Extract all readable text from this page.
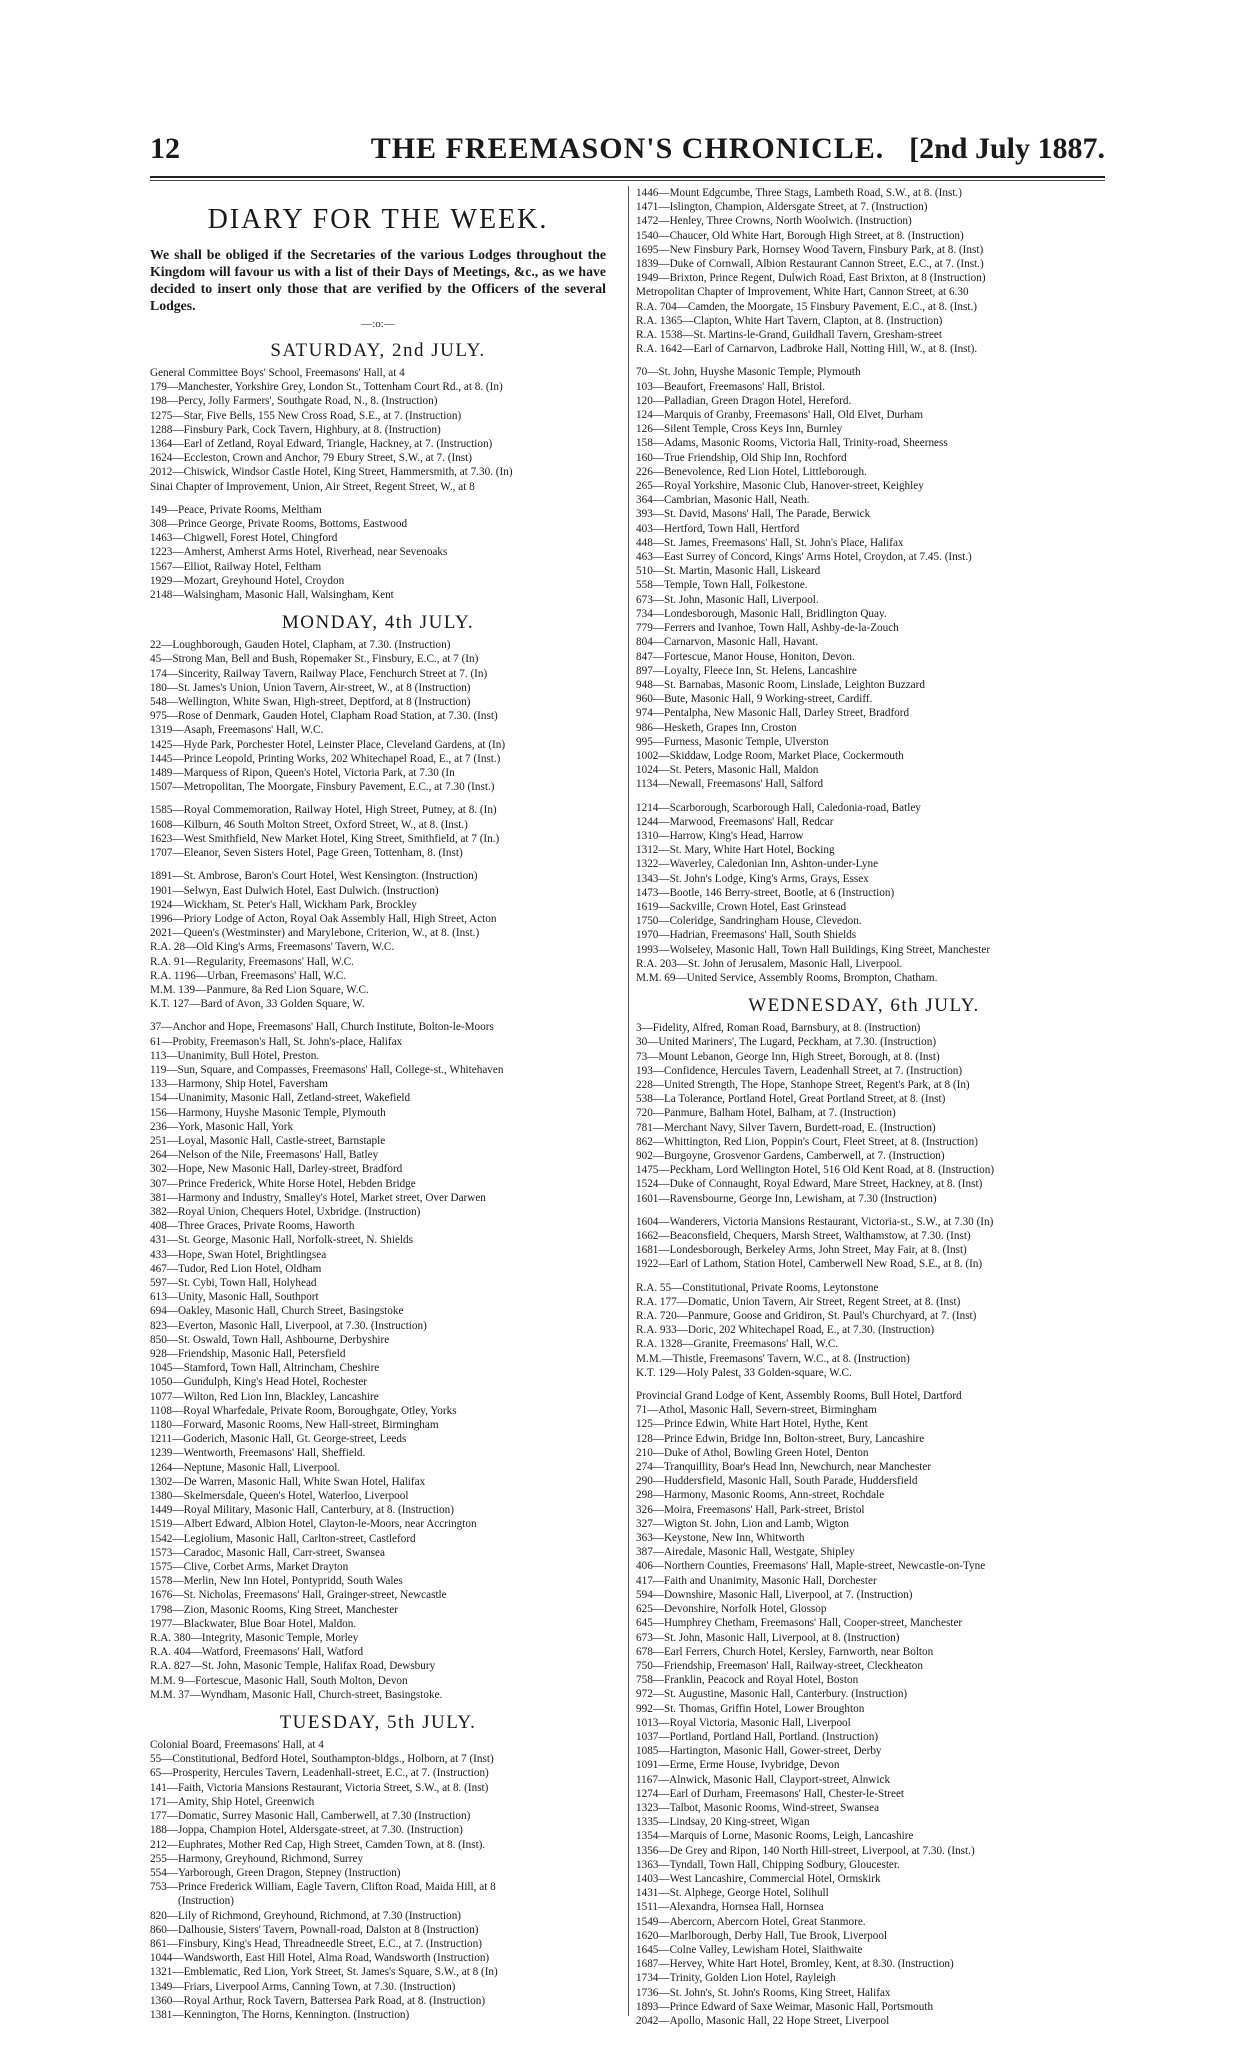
12	THE FREEMASON'S CHRONICLE. [2nd July 1887.
DIARY FOR THE WEEK.

We shall be obliged if the Secretaries of the various Lodges throughout the Kingdom will favour us with a list of their Days of Meetings, &c., as we have decided to insert only those that are verified by the Officers of the several Lodges.

—:o:—
SATURDAY, 2nd JULY.
General Committee Boys' School, Freemasons' Hall, at 4
179—Manchester, Yorkshire Grey, London St., Tottenham Court Rd., at 8. (In)
198—Percy, Jolly Farmers', Southgate Road, N., 8. (Instruction)
1275—Star, Five Bells, 155 New Cross Road, S.E., at 7. (Instruction)
1288—Finsbury Park, Cock Tavern, Highbury, at 8. (Instruction)
1364—Earl of Zetland, Royal Edward, Triangle, Hackney, at 7. (Instruction)
1624—Eccleston, Crown and Anchor, 79 Ebury Street, S.W., at 7. (Inst)
2012—Chiswick, Windsor Castle Hotel, King Street, Hammersmith, at 7.30. (In)
Sinai Chapter of Improvement, Union, Air Street, Regent Street, W., at 8
149—Peace, Private Rooms, Meltham
308—Prince George, Private Rooms, Bottoms, Eastwood
1463—Chigwell, Forest Hotel, Chingford
1223—Amherst, Amherst Arms Hotel, Riverhead, near Sevenoaks
1567—Elliot, Railway Hotel, Feltham
1929—Mozart, Greyhound Hotel, Croydon
2148—Walsingham, Masonic Hall, Walsingham, Kent
MONDAY, 4th JULY.
22—Loughborough, Gauden Hotel, Clapham, at 7.30. (Instruction)
45—Strong Man, Bell and Bush, Ropemaker St., Finsbury, E.C., at 7 (In)
174—Sincerity, Railway Tavern, Railway Place, Fenchurch Street at 7. (In)
180—St. James's Union, Union Tavern, Air-street, W., at 8 (Instruction)
548—Wellington, White Swan, High-street, Deptford, at 8 (Instruction)
975—Rose of Denmark, Gauden Hotel, Clapham Road Station, at 7.30. (Inst)
1319—Asaph, Freemasons' Hall, W.C.
1425—Hyde Park, Porchester Hotel, Leinster Place, Cleveland Gardens, at (In)
1445—Prince Leopold, Printing Works, 202 Whitechapel Road, E., at 7 (Inst.)
1489—Marquess of Ripon, Queen's Hotel, Victoria Park, at 7.30 (In
1507—Metropolitan, The Moorgate, Finsbury Pavement, E.C., at 7.30 (Inst.)
1585—Royal Commemoration, Railway Hotel, High Street, Putney, at 8. (In)
1608—Kilburn, 46 South Molton Street, Oxford Street, W., at 8. (Inst.)
1623—West Smithfield, New Market Hotel, King Street, Smithfield, at 7 (In.)
1707—Eleanor, Seven Sisters Hotel, Page Green, Tottenham, 8. (Inst)
1891—St. Ambrose, Baron's Court Hotel, West Kensington. (Instruction)
1901—Selwyn, East Dulwich Hotel, East Dulwich. (Instruction)
1924—Wickham, St. Peter's Hall, Wickham Park, Brockley
1996—Priory Lodge of Acton, Royal Oak Assembly Hall, High Street, Acton
2021—Queen's (Westminster) and Marylebone, Criterion, W., at 8. (Inst.)
R.A. 28—Old King's Arms, Freemasons' Tavern, W.C.
R.A. 91—Regularity, Freemasons' Hall, W.C.
R.A. 1196—Urban, Freemasons' Hall, W.C.
M.M. 139—Panmure, 8a Red Lion Square, W.C.
K.T. 127—Bard of Avon, 33 Golden Square, W.
37—Anchor and Hope, Freemasons' Hall, Church Institute, Bolton-le-Moors
61—Probity, Freemason's Hall, St. John's-place, Halifax
113—Unanimity, Bull Hotel, Preston.
119—Sun, Square, and Compasses, Freemasons' Hall, College-st., Whitehaven
133—Harmony, Ship Hotel, Faversham
154—Unanimity, Masonic Hall, Zetland-street, Wakefield
156—Harmony, Huyshe Masonic Temple, Plymouth
236—York, Masonic Hall, York
251—Loyal, Masonic Hall, Castle-street, Barnstaple
264—Nelson of the Nile, Freemasons' Hall, Batley
302—Hope, New Masonic Hall, Darley-street, Bradford
307—Prince Frederick, White Horse Hotel, Hebden Bridge
381—Harmony and Industry, Smalley's Hotel, Market street, Over Darwen
382—Royal Union, Chequers Hotel, Uxbridge. (Instruction)
408—Three Graces, Private Rooms, Haworth
431—St. George, Masonic Hall, Norfolk-street, N. Shields
433—Hope, Swan Hotel, Brightlingsea
467—Tudor, Red Lion Hotel, Oldham
597—St. Cybi, Town Hall, Holyhead
613—Unity, Masonic Hall, Southport
694—Oakley, Masonic Hall, Church Street, Basingstoke
823—Everton, Masonic Hall, Liverpool, at 7.30. (Instruction)
850—St. Oswald, Town Hall, Ashbourne, Derbyshire
928—Friendship, Masonic Hall, Petersfield
1045—Stamford, Town Hall, Altrincham, Cheshire
1050—Gundulph, King's Head Hotel, Rochester
1077—Wilton, Red Lion Inn, Blackley, Lancashire
1108—Royal Wharfedale, Private Room, Boroughgate, Otley, Yorks
1180—Forward, Masonic Rooms, New Hall-street, Birmingham
1211—Goderich, Masonic Hall, Gt. George-street, Leeds
1239—Wentworth, Freemasons' Hall, Sheffield.
1264—Neptune, Masonic Hall, Liverpool.
1302—De Warren, Masonic Hall, White Swan Hotel, Halifax
1380—Skelmersdale, Queen's Hotel, Waterloo, Liverpool
1449—Royal Military, Masonic Hall, Canterbury, at 8. (Instruction)
1519—Albert Edward, Albion Hotel, Clayton-le-Moors, near Accrington
1542—Legiolium, Masonic Hall, Carlton-street, Castleford
1573—Caradoc, Masonic Hall, Carr-street, Swansea
1575—Clive, Corbet Arms, Market Drayton
1578—Merlin, New Inn Hotel, Pontypridd, South Wales
1676—St. Nicholas, Freemasons' Hall, Grainger-street, Newcastle
1798—Zion, Masonic Rooms, King Street, Manchester
1977—Blackwater, Blue Boar Hotel, Maldon.
R.A. 380—Integrity, Masonic Temple, Morley
R.A. 404—Watford, Freemasons' Hall, Watford
R.A. 827—St. John, Masonic Temple, Halifax Road, Dewsbury
M.M. 9—Fortescue, Masonic Hall, South Molton, Devon
M.M. 37—Wyndham, Masonic Hall, Church-street, Basingstoke.
TUESDAY, 5th JULY.
Colonial Board, Freemasons' Hall, at 4
55—Constitutional, Bedford Hotel, Southampton-bldgs., Holborn, at 7 (Inst)
65—Prosperity, Hercules Tavern, Leadenhall-street, E.C., at 7. (Instruction)
141—Faith, Victoria Mansions Restaurant, Victoria Street, S.W., at 8. (Inst)
171—Amity, Ship Hotel, Greenwich
177—Domatic, Surrey Masonic Hall, Camberwell, at 7.30 (Instruction)
188—Joppa, Champion Hotel, Aldersgate-street, at 7.30. (Instruction)
212—Euphrates, Mother Red Cap, High Street, Camden Town, at 8. (Inst).
255—Harmony, Greyhound, Richmond, Surrey
554—Yarborough, Green Dragon, Stepney (Instruction)
753—Prince Frederick William, Eagle Tavern, Clifton Road, Maida Hill, at 8
(Instruction)
820—Lily of Richmond, Greyhound, Richmond, at 7.30 (Instruction)
860—Dalhousie, Sisters' Tavern, Pownall-road, Dalston at 8 (Instruction)
861—Finsbury, King's Head, Threadneedle Street, E.C., at 7. (Instruction)
1044—Wandsworth, East Hill Hotel, Alma Road, Wandsworth (Instruction)
1321—Emblematic, Red Lion, York Street, St. James's Square, S.W., at 8 (In)
1349—Friars, Liverpool Arms, Canning Town, at 7.30. (Instruction)
1360—Royal Arthur, Rock Tavern, Battersea Park Road, at 8. (Instruction)
1381—Kennington, The Horns, Kennington. (Instruction)
1446—Mount Edgcumbe, Three Stags, Lambeth Road, S.W., at 8. (Inst.)
1471—Islington, Champion, Aldersgate Street, at 7. (Instruction)
1472—Henley, Three Crowns, North Woolwich. (Instruction)
1540—Chaucer, Old White Hart, Borough High Street, at 8. (Instruction)
1695—New Finsbury Park, Hornsey Wood Tavern, Finsbury Park, at 8. (Inst)
1839—Duke of Cornwall, Albion Restaurant Cannon Street, E.C., at 7. (Inst.)
1949—Brixton, Prince Regent, Dulwich Road, East Brixton, at 8 (Instruction)
Metropolitan Chapter of Improvement, White Hart, Cannon Street, at 6.30
R.A. 704—Camden, the Moorgate, 15 Finsbury Pavement, E.C., at 8. (Inst.)
R.A. 1365—Clapton, White Hart Tavern, Clapton, at 8. (Instruction)
R.A. 1538—St. Martins-le-Grand, Guildhall Tavern, Gresham-street
R.A. 1642—Earl of Carnarvon, Ladbroke Hall, Notting Hill, W., at 8. (Inst).
70—St. John, Huyshe Masonic Temple, Plymouth
103—Beaufort, Freemasons' Hall, Bristol.
120—Palladian, Green Dragon Hotel, Hereford.
124—Marquis of Granby, Freemasons' Hall, Old Elvet, Durham
126—Silent Temple, Cross Keys Inn, Burnley
158—Adams, Masonic Rooms, Victoria Hall, Trinity-road, Sheerness
160—True Friendship, Old Ship Inn, Rochford
226—Benevolence, Red Lion Hotel, Littleborough.
265—Royal Yorkshire, Masonic Club, Hanover-street, Keighley
364—Cambrian, Masonic Hall, Neath.
393—St. David, Masons' Hall, The Parade, Berwick
403—Hertford, Town Hall, Hertford
448—St. James, Freemasons' Hall, St. John's Place, Halifax
463—East Surrey of Concord, Kings' Arms Hotel, Croydon, at 7.45. (Inst.)
510—St. Martin, Masonic Hall, Liskeard
558—Temple, Town Hall, Folkestone.
673—St. John, Masonic Hall, Liverpool.
734—Londesborough, Masonic Hall, Bridlington Quay.
779—Ferrers and Ivanhoe, Town Hall, Ashby-de-la-Zouch
804—Carnarvon, Masonic Hall, Havant.
847—Fortescue, Manor House, Honiton, Devon.
897—Loyalty, Fleece Inn, St. Helens, Lancashire
948—St. Barnabas, Masonic Room, Linslade, Leighton Buzzard
960—Bute, Masonic Hall, 9 Working-street, Cardiff.
974—Pentalpha, New Masonic Hall, Darley Street, Bradford
986—Hesketh, Grapes Inn, Croston
995—Furness, Masonic Temple, Ulverston
1002—Skiddaw, Lodge Room, Market Place, Cockermouth
1024—St. Peters, Masonic Hall, Maldon
1134—Newall, Freemasons' Hall, Salford
1214—Scarborough, Scarborough Hall, Caledonia-road, Batley
1244—Marwood, Freemasons' Hall, Redcar
1310—Harrow, King's Head, Harrow
1312—St. Mary, White Hart Hotel, Bocking
1322—Waverley, Caledonian Inn, Ashton-under-Lyne
1343—St. John's Lodge, King's Arms, Grays, Essex
1473—Bootle, 146 Berry-street, Bootle, at 6 (Instruction)
1619—Sackville, Crown Hotel, East Grinstead
1750—Coleridge, Sandringham House, Clevedon.
1970—Hadrian, Freemasons' Hall, South Shields
1993—Wolseley, Masonic Hall, Town Hall Buildings, King Street, Manchester
R.A. 203—St. John of Jerusalem, Masonic Hall, Liverpool.
M.M. 69—United Service, Assembly Rooms, Brompton, Chatham.
WEDNESDAY, 6th JULY.
3—Fidelity, Alfred, Roman Road, Barnsbury, at 8. (Instruction)
30—United Mariners', The Lugard, Peckham, at 7.30. (Instruction)
73—Mount Lebanon, George Inn, High Street, Borough, at 8. (Inst)
193—Confidence, Hercules Tavern, Leadenhall Street, at 7. (Instruction)
228—United Strength, The Hope, Stanhope Street, Regent's Park, at 8 (In)
538—La Tolerance, Portland Hotel, Great Portland Street, at 8. (Inst)
720—Panmure, Balham Hotel, Balham, at 7. (Instruction)
781—Merchant Navy, Silver Tavern, Burdett-road, E. (Instruction)
862—Whittington, Red Lion, Poppin's Court, Fleet Street, at 8. (Instruction)
902—Burgoyne, Grosvenor Gardens, Camberwell, at 7. (Instruction)
1475—Peckham, Lord Wellington Hotel, 516 Old Kent Road, at 8. (Instruction)
1524—Duke of Connaught, Royal Edward, Mare Street, Hackney, at 8. (Inst)
1601—Ravensbourne, George Inn, Lewisham, at 7.30 (Instruction)
1604—Wanderers, Victoria Mansions Restaurant, Victoria-st., S.W., at 7.30 (In)
1662—Beaconsfield, Chequers, Marsh Street, Walthamstow, at 7.30. (Inst)
1681—Londesborough, Berkeley Arms, John Street, May Fair, at 8. (Inst)
1922—Earl of Lathom, Station Hotel, Camberwell New Road, S.E., at 8. (In)
R.A. 55—Constitutional, Private Rooms, Leytonstone
R.A. 177—Domatic, Union Tavern, Air Street, Regent Street, at 8. (Inst)
R.A. 720—Panmure, Goose and Gridiron, St. Paul's Churchyard, at 7. (Inst)
R.A. 933—Doric, 202 Whitechapel Road, E., at 7.30. (Instruction)
R.A. 1328—Granite, Freemasons' Hall, W.C.
M.M.—Thistle, Freemasons' Tavern, W.C., at 8. (Instruction)
K.T. 129—Holy Palest, 33 Golden-square, W.C.
Provincial Grand Lodge of Kent, Assembly Rooms, Bull Hotel, Dartford
71—Athol, Masonic Hall, Severn-street, Birmingham
125—Prince Edwin, White Hart Hotel, Hythe, Kent
128—Prince Edwin, Bridge Inn, Bolton-street, Bury, Lancashire
210—Duke of Athol, Bowling Green Hotel, Denton
274—Tranquillity, Boar's Head Inn, Newchurch, near Manchester
290—Huddersfield, Masonic Hall, South Parade, Huddersfield
298—Harmony, Masonic Rooms, Ann-street, Rochdale
326—Moira, Freemasons' Hall, Park-street, Bristol
327—Wigton St. John, Lion and Lamb, Wigton
363—Keystone, New Inn, Whitworth
387—Airedale, Masonic Hall, Westgate, Shipley
406—Northern Counties, Freemasons' Hall, Maple-street, Newcastle-on-Tyne
417—Faith and Unanimity, Masonic Hall, Dorchester
594—Downshire, Masonic Hall, Liverpool, at 7. (Instruction)
625—Devonshire, Norfolk Hotel, Glossop
645—Humphrey Chetham, Freemasons' Hall, Cooper-street, Manchester
673—St. John, Masonic Hall, Liverpool, at 8. (Instruction)
678—Earl Ferrers, Church Hotel, Kersley, Farnworth, near Bolton
750—Friendship, Freemason' Hall, Railway-street, Cleckheaton
758—Franklin, Peacock and Royal Hotel, Boston
972—St. Augustine, Masonic Hall, Canterbury. (Instruction)
992—St. Thomas, Griffin Hotel, Lower Broughton
1013—Royal Victoria, Masonic Hall, Liverpool
1037—Portland, Portland Hall, Portland. (Instruction)
1085—Hartington, Masonic Hall, Gower-street, Derby
1091—Erme, Erme House, Ivybridge, Devon
1167—Alnwick, Masonic Hall, Clayport-street, Alnwick
1274—Earl of Durham, Freemasons' Hall, Chester-le-Street
1323—Talbot, Masonic Rooms, Wind-street, Swansea
1335—Lindsay, 20 King-street, Wigan
1354—Marquis of Lorne, Masonic Rooms, Leigh, Lancashire
1356—De Grey and Ripon, 140 North Hill-street, Liverpool, at 7.30. (Inst.)
1363—Tyndall, Town Hall, Chipping Sodbury, Gloucester.
1403—West Lancashire, Commercial Hotel, Ormskirk
1431—St. Alphege, George Hotel, Solihull
1511—Alexandra, Hornsea Hall, Hornsea
1549—Abercorn, Abercorn Hotel, Great Stanmore.
1620—Marlborough, Derby Hall, Tue Brook, Liverpool
1645—Colne Valley, Lewisham Hotel, Slaithwaite
1687—Hervey, White Hart Hotel, Bromley, Kent, at 8.30. (Instruction)
1734—Trinity, Golden Lion Hotel, Rayleigh
1736—St. John's, St. John's Rooms, King Street, Halifax
1893—Prince Edward of Saxe Weimar, Masonic Hall, Portsmouth
2042—Apollo, Masonic Hall, 22 Hope Street, Liverpool
